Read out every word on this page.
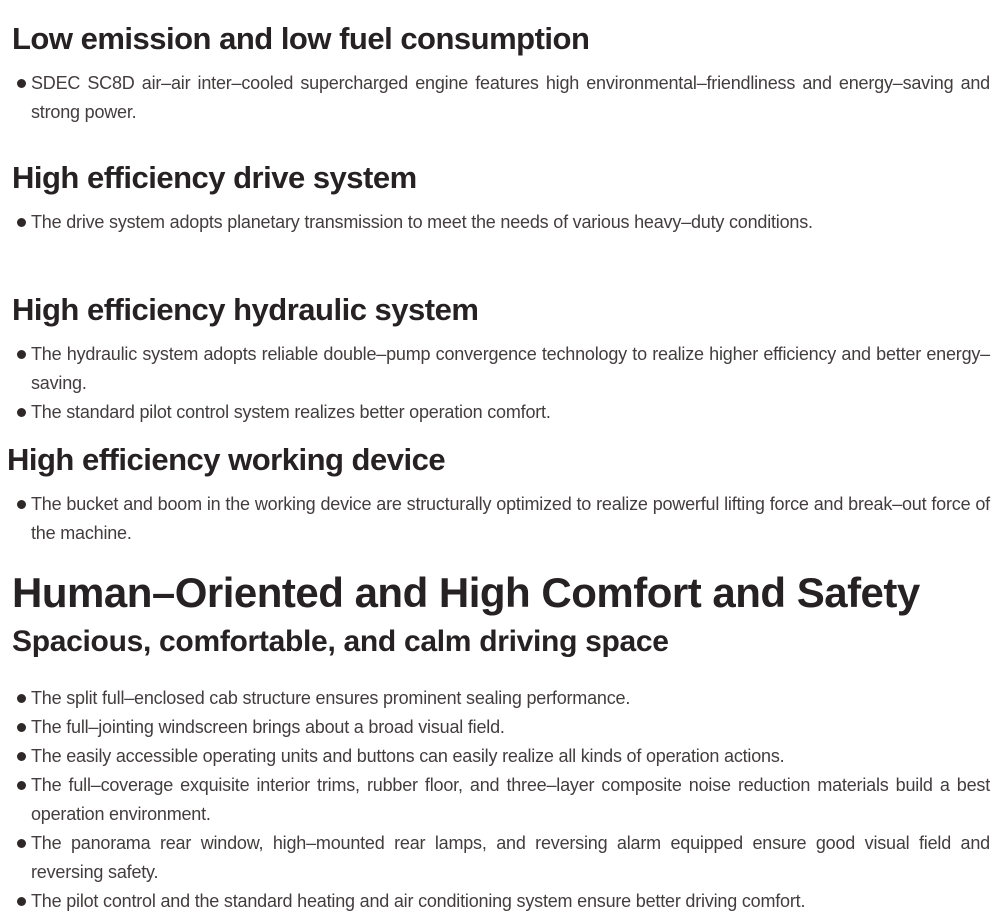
Low emission and low fuel consumption
SDEC SC8D air–air inter–cooled supercharged engine features high environmental–friendliness and energy–saving and strong power.
High efficiency drive system
The drive system adopts planetary transmission to meet the needs of various heavy–duty conditions.
High efficiency hydraulic system
The hydraulic system adopts reliable double–pump convergence technology to realize higher efficiency and better energy–saving.
The standard pilot control system realizes better operation comfort.
High efficiency working device
The bucket and boom in the working device are structurally optimized to realize powerful lifting force and break–out force of the machine.
Human–Oriented and High Comfort and Safety
Spacious, comfortable, and calm driving space
The split full–enclosed cab structure ensures prominent sealing performance.
The full–jointing windscreen brings about a broad visual field.
The easily accessible operating units and buttons can easily realize all kinds of operation actions.
The full–coverage exquisite interior trims, rubber floor, and three–layer composite noise reduction materials build a best operation environment.
The panorama rear window, high–mounted rear lamps, and reversing alarm equipped ensure good visual field and reversing safety.
The pilot control and the standard heating and air conditioning system ensure better driving comfort.
